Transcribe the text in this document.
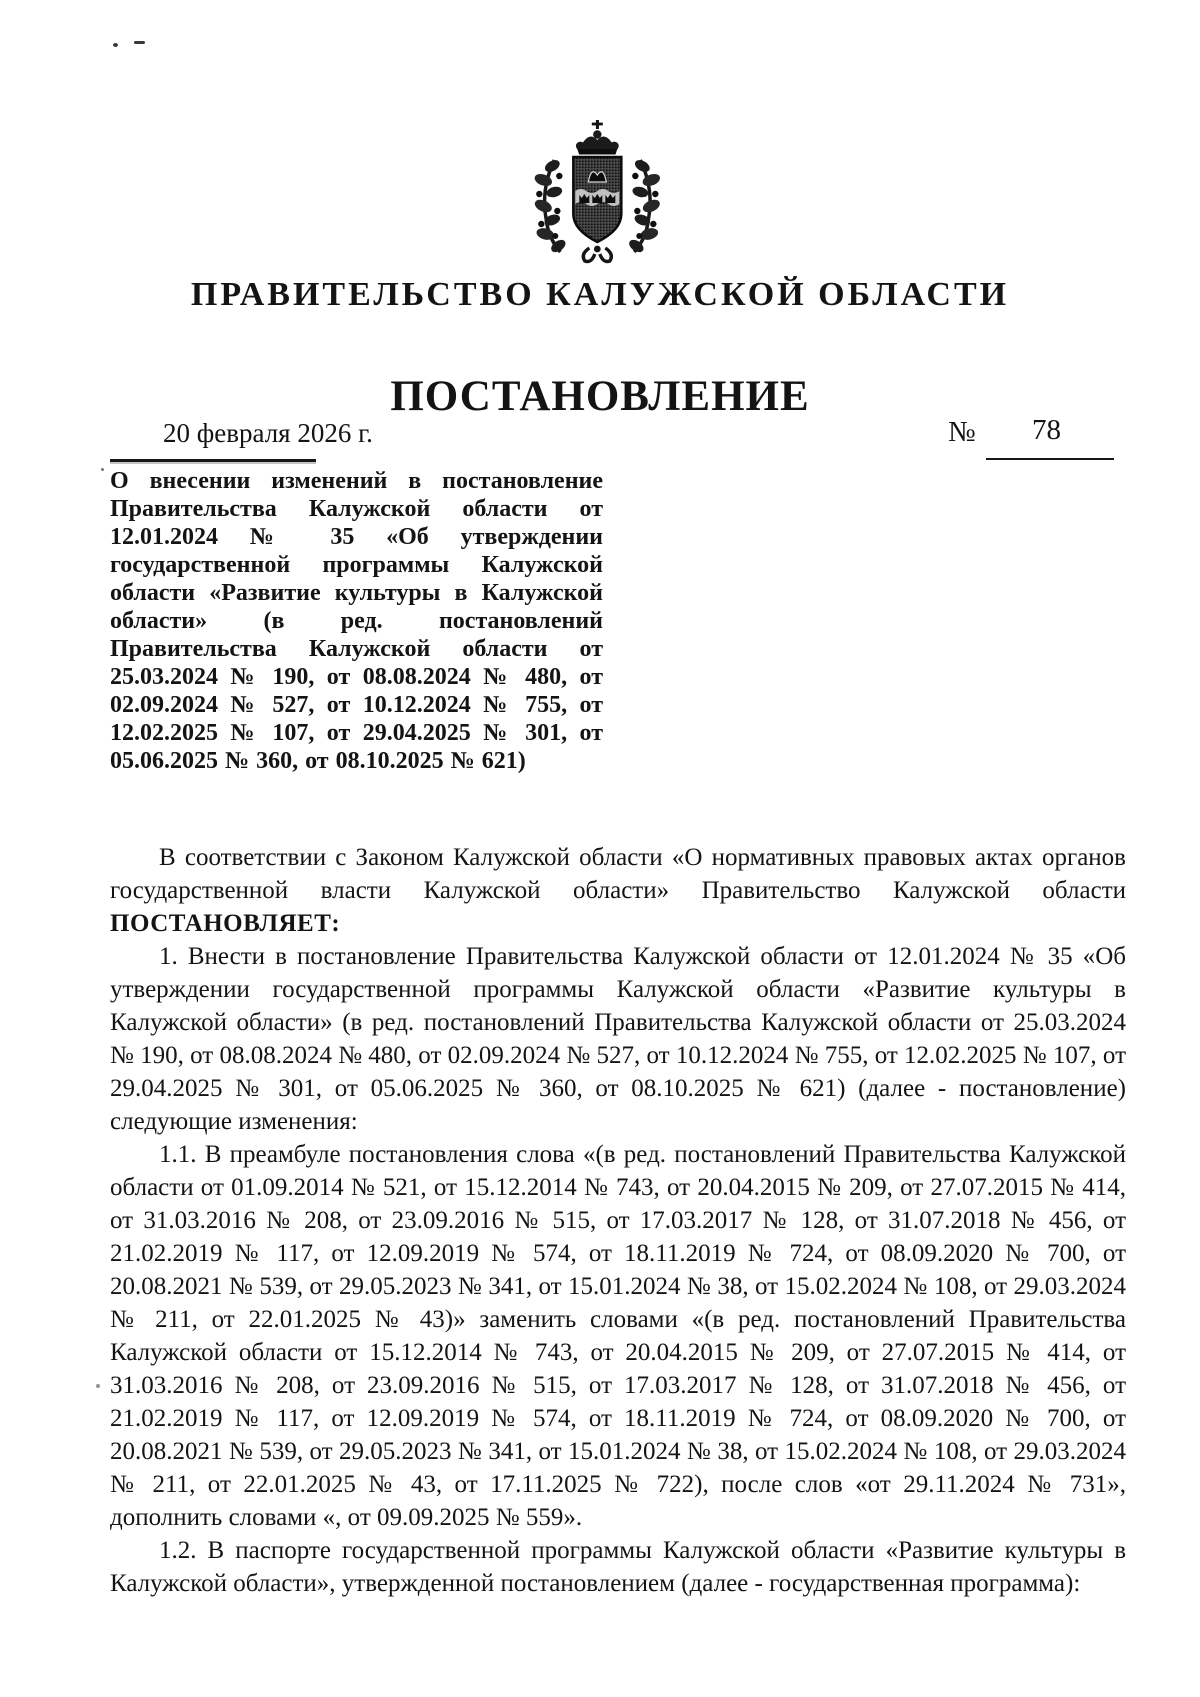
ПРАВИТЕЛЬСТВО КАЛУЖСКОЙ ОБЛАСТИ
ПОСТАНОВЛЕНИЕ
20 февраля 2026 г.	№ 78
О внесении изменений в постановление Правительства Калужской области от 12.01.2024 № 35 «Об утверждении государственной программы Калужской области «Развитие культуры в Калужской области» (в ред. постановлений Правительства Калужской области от 25.03.2024 № 190, от 08.08.2024 № 480, от 02.09.2024 № 527, от 10.12.2024 № 755, от 12.02.2025 № 107, от 29.04.2025 № 301, от 05.06.2025 № 360, от 08.10.2025 № 621)

В соответствии с Законом Калужской области «О нормативных правовых актах органов государственной власти Калужской области» Правительство Калужской области ПОСТАНОВЛЯЕТ:

1. Внести в постановление Правительства Калужской области от 12.01.2024 № 35 «Об утверждении государственной программы Калужской области «Развитие культуры в Калужской области» (в ред. постановлений Правительства Калужской области от 25.03.2024 № 190, от 08.08.2024 № 480, от 02.09.2024 № 527, от 10.12.2024 № 755, от 12.02.2025 № 107, от 29.04.2025 № 301, от 05.06.2025 № 360, от 08.10.2025 № 621) (далее - постановление) следующие изменения:

1.1. В преамбуле постановления слова «(в ред. постановлений Правительства Калужской области от 01.09.2014 № 521, от 15.12.2014 № 743, от 20.04.2015 № 209, от 27.07.2015 № 414, от 31.03.2016 № 208, от 23.09.2016 № 515, от 17.03.2017 № 128, от 31.07.2018 № 456, от 21.02.2019 № 117, от 12.09.2019 № 574, от 18.11.2019 № 724, от 08.09.2020 № 700, от 20.08.2021 № 539, от 29.05.2023 № 341, от 15.01.2024 № 38, от 15.02.2024 № 108, от 29.03.2024 № 211, от 22.01.2025 № 43)» заменить словами «(в ред. постановлений Правительства Калужской области от 15.12.2014 № 743, от 20.04.2015 № 209, от 27.07.2015 № 414, от 31.03.2016 № 208, от 23.09.2016 № 515, от 17.03.2017 № 128, от 31.07.2018 № 456, от 21.02.2019 № 117, от 12.09.2019 № 574, от 18.11.2019 № 724, от 08.09.2020 № 700, от 20.08.2021 № 539, от 29.05.2023 № 341, от 15.01.2024 № 38, от 15.02.2024 № 108, от 29.03.2024 № 211, от 22.01.2025 № 43, от 17.11.2025 № 722), после слов «от 29.11.2024 № 731», дополнить словами «, от 09.09.2025 № 559».

1.2. В паспорте государственной программы Калужской области «Развитие культуры в Калужской области», утвержденной постановлением (далее - государственная программа):
